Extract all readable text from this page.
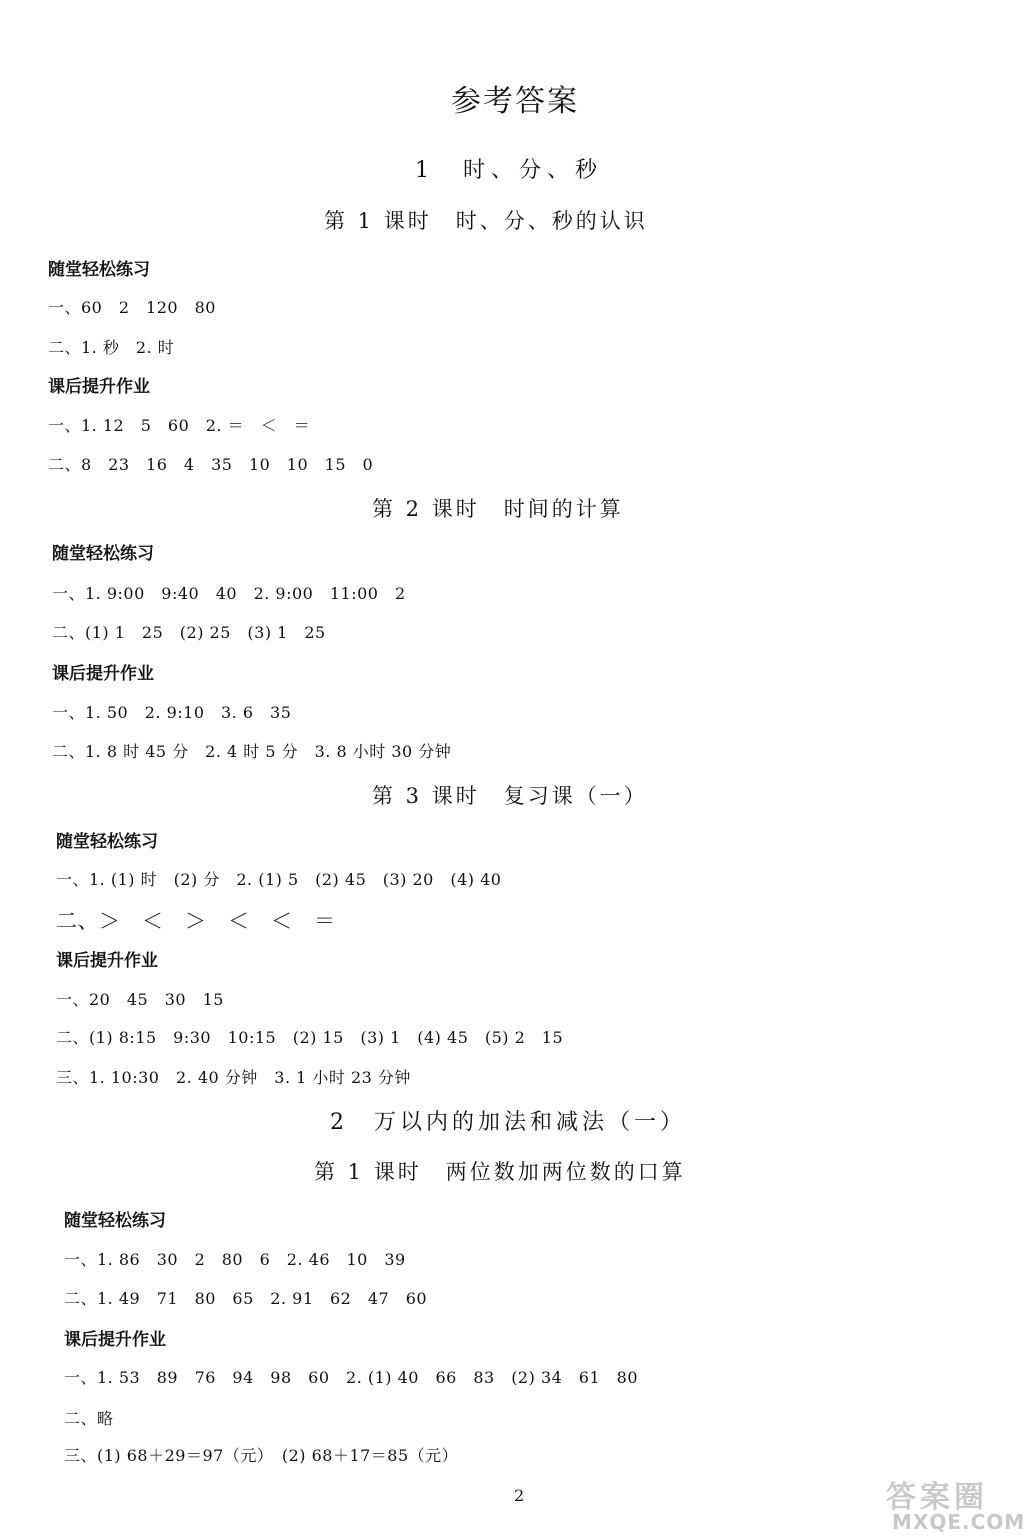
参考答案
1　时、分、秒
第 1 课时　时、分、秒的认识
随堂轻松练习
一、60　2　120　80
二、1. 秒　2. 时
课后提升作业
一、1. 12　5　60　2. ＝　＜　＝
二、8　23　16　4　35　10　10　15　0
第 2 课时　时间的计算
随堂轻松练习
一、1. 9:00　9:40　40　2. 9:00　11:00　2
二、(1) 1　25　(2) 25　(3) 1　25
课后提升作业
一、1. 50　2. 9:10　3. 6　35
二、1. 8 时 45 分　2. 4 时 5 分　3. 8 小时 30 分钟
第 3 课时　复习课（一）
随堂轻松练习
一、1. (1) 时　(2) 分　2. (1) 5　(2) 45　(3) 20　(4) 40
二、＞　＜　＞　＜　＜　＝
课后提升作业
一、20　45　30　15
二、(1) 8:15　9:30　10:15　(2) 15　(3) 1　(4) 45　(5) 2　15
三、1. 10:30　2. 40 分钟　3. 1 小时 23 分钟
2　万以内的加法和减法（一）
第 1 课时　两位数加两位数的口算
随堂轻松练习
一、1. 86　30　2　80　6　2. 46　10　39
二、1. 49　71　80　65　2. 91　62　47　60
课后提升作业
一、1. 53　89　76　94　98　60　2. (1) 40　66　83　(2) 34　61　80
二、略
三、(1) 68＋29＝97（元）　(2) 68＋17＝85（元）
2	答案圈
MXQE.COM
